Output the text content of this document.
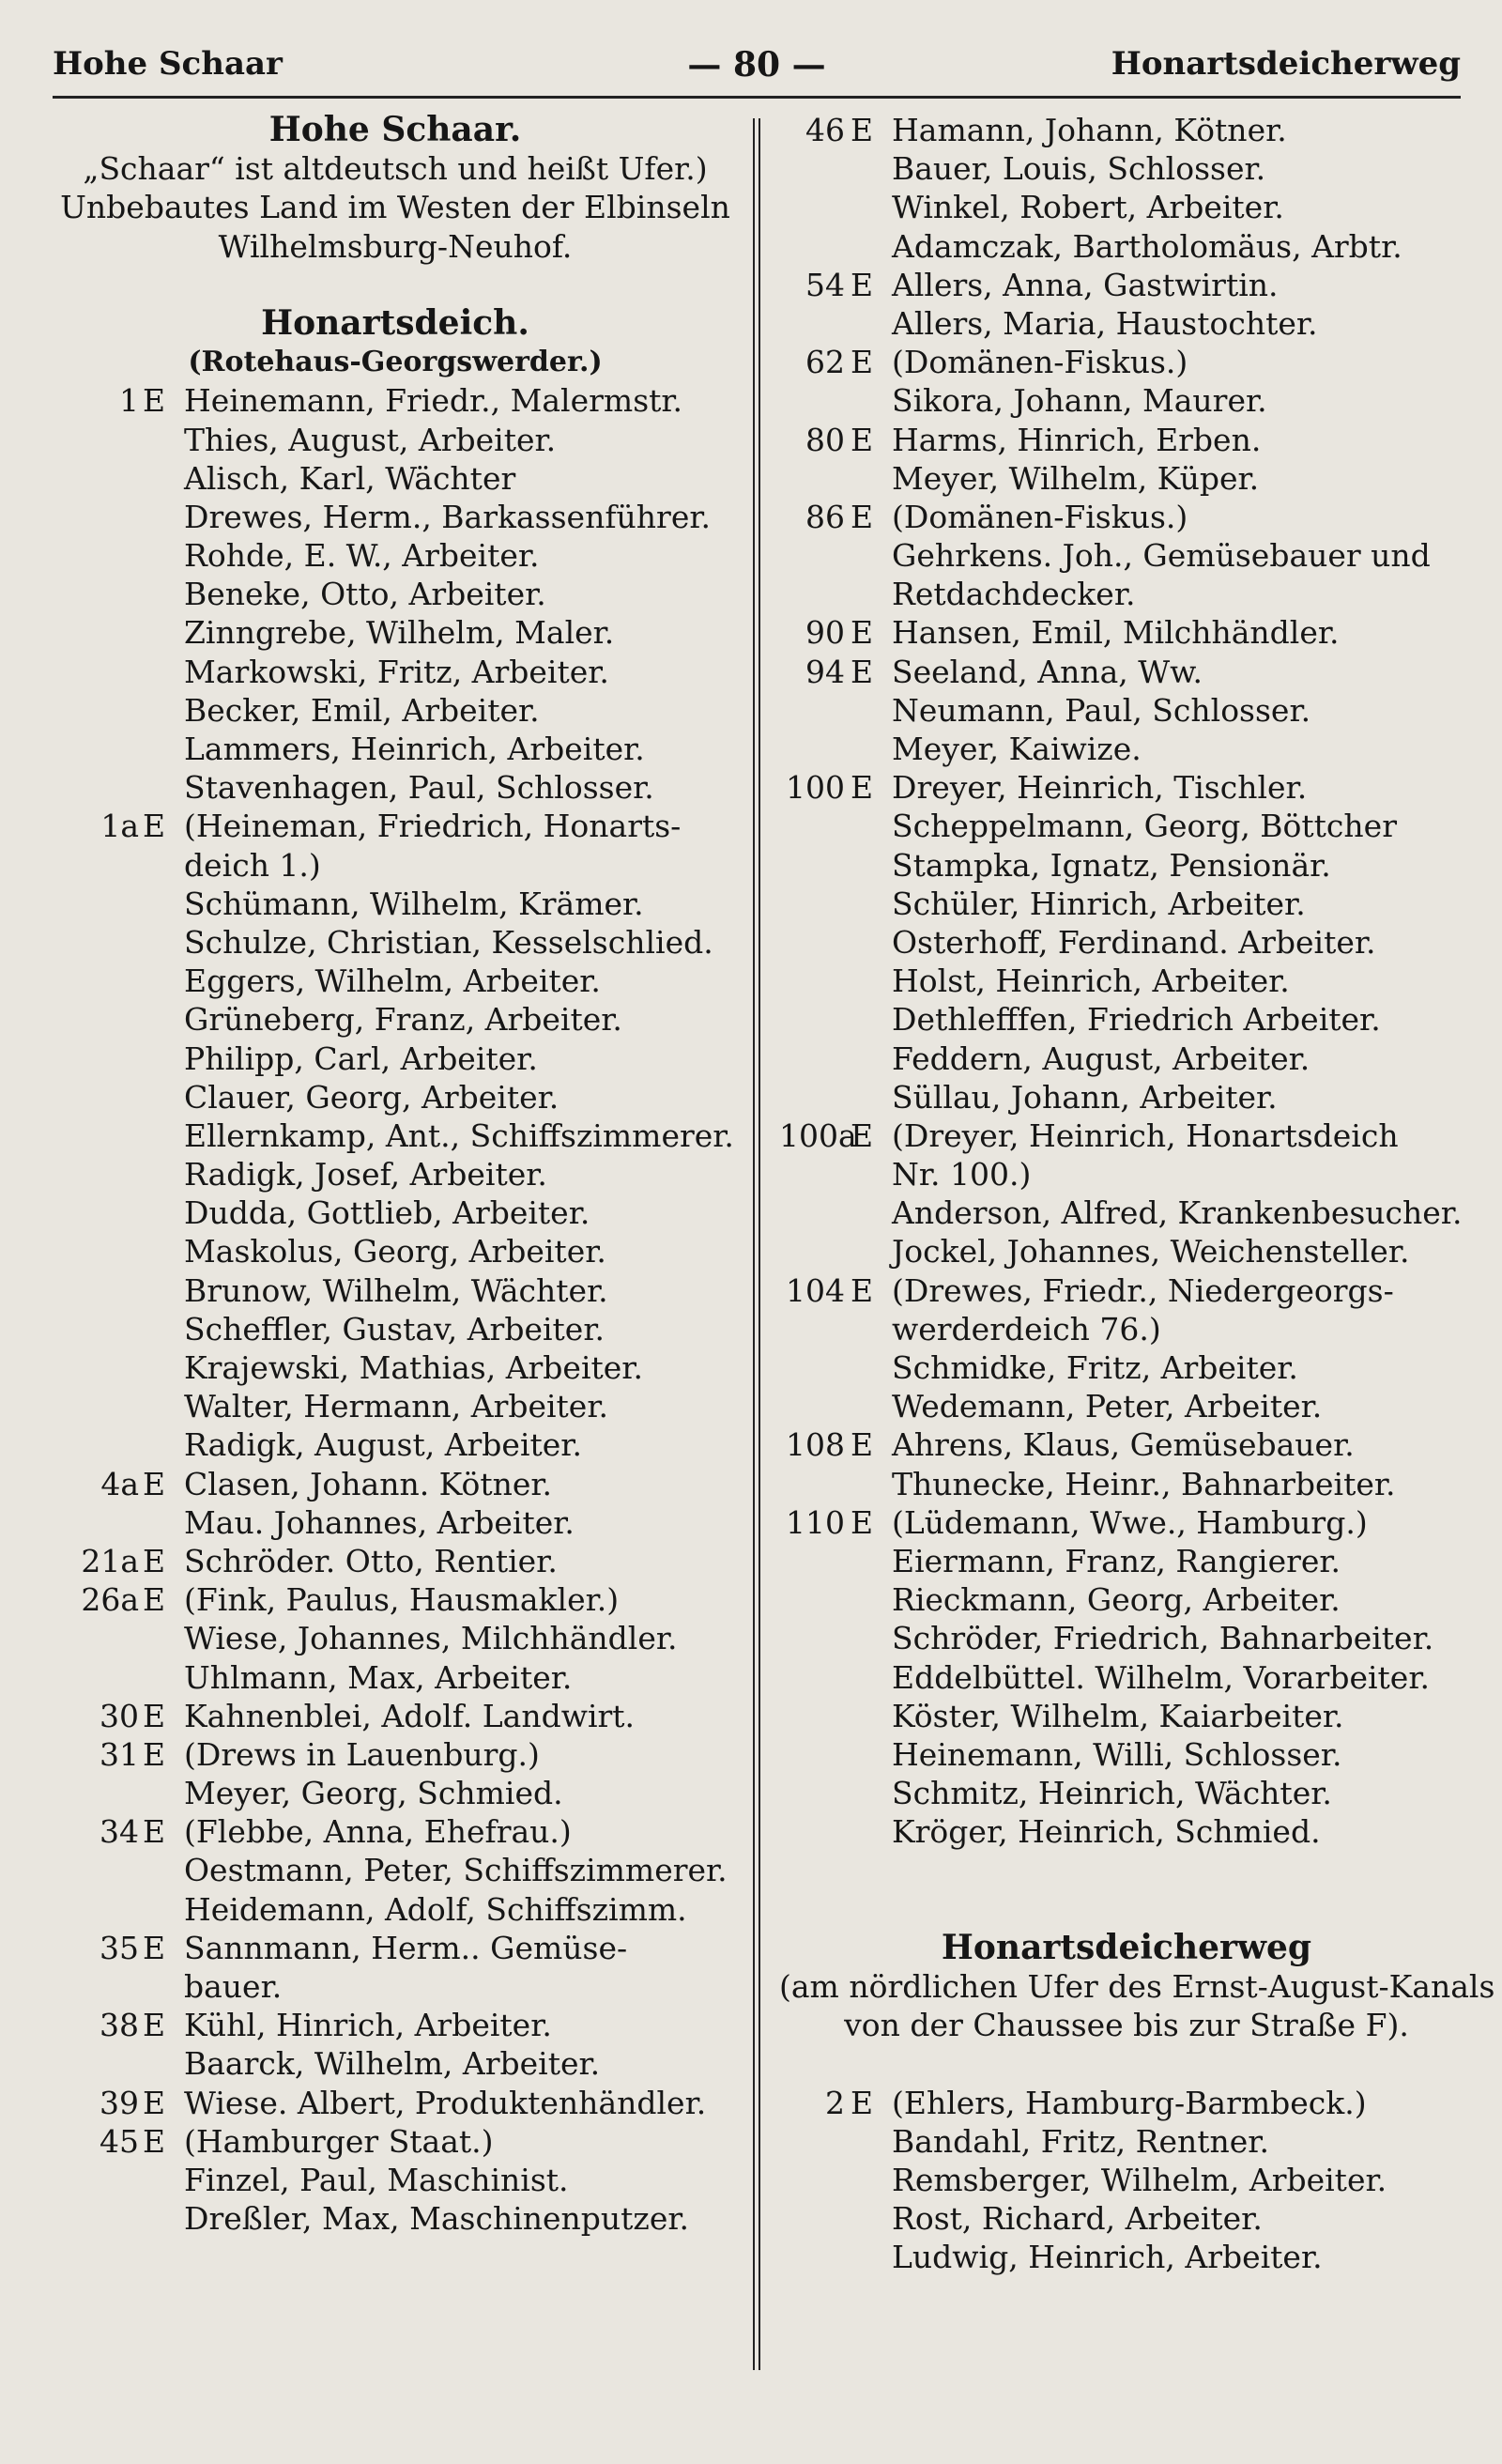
Hohe Schaar	— 80 —	Honartsdeicherweg
Hohe Schaar.
„Schaar“ ist altdeutsch und heißt Ufer.)
Unbebautes Land im Westen der Elbinseln
Wilhelmsburg-Neuhof.
Honartsdeich.
(Rotehaus-Georgswerder.)
1 E Heinemann, Friedr., Malermstr.
Thies, August, Arbeiter.
Alisch, Karl, Wächter
Drewes, Herm., Barkassenführer.
Rohde, E. W., Arbeiter.
Beneke, Otto, Arbeiter.
Zinngrebe, Wilhelm, Maler.
Markowski, Fritz, Arbeiter.
Becker, Emil, Arbeiter.
Lammers, Heinrich, Arbeiter.
Stavenhagen, Paul, Schlosser.
1a E (Heineman, Friedrich, Honarts-
deich 1.)
Schümann, Wilhelm, Krämer.
Schulze, Christian, Kesselschlied.
Eggers, Wilhelm, Arbeiter.
Grüneberg, Franz, Arbeiter.
Philipp, Carl, Arbeiter.
Clauer, Georg, Arbeiter.
Ellernkamp, Ant., Schiffszimmerer.
Radigk, Josef, Arbeiter.
Dudda, Gottlieb, Arbeiter.
Maskolus, Georg, Arbeiter.
Brunow, Wilhelm, Wächter.
Scheffler, Gustav, Arbeiter.
Krajewski, Mathias, Arbeiter.
Walter, Hermann, Arbeiter.
Radigk, August, Arbeiter.
4a E Clasen, Johann. Kötner.
Mau. Johannes, Arbeiter.
21a E Schröder. Otto, Rentier.
26a E (Fink, Paulus, Hausmakler.)
Wiese, Johannes, Milchhändler.
Uhlmann, Max, Arbeiter.
30 E Kahnenblei, Adolf. Landwirt.
31 E (Drews in Lauenburg.)
Meyer, Georg, Schmied.
34 E (Flebbe, Anna, Ehefrau.)
Oestmann, Peter, Schiffszimmerer.
Heidemann, Adolf, Schiffszimm.
35 E Sannmann, Herm.. Gemüse-
bauer.
38 E Kühl, Hinrich, Arbeiter.
Baarck, Wilhelm, Arbeiter.
39 E Wiese. Albert, Produktenhändler.
45 E (Hamburger Staat.)
Finzel, Paul, Maschinist.
Dreßler, Max, Maschinenputzer.
46 E Hamann, Johann, Kötner.
Bauer, Louis, Schlosser.
Winkel, Robert, Arbeiter.
Adamczak, Bartholomäus, Arbtr.
54 E Allers, Anna, Gastwirtin.
Allers, Maria, Haustochter.
62 E (Domänen-Fiskus.)
Sikora, Johann, Maurer.
80 E Harms, Hinrich, Erben.
Meyer, Wilhelm, Küper.
86 E (Domänen-Fiskus.)
Gehrkens. Joh., Gemüsebauer und
Retdachdecker.
90 E Hansen, Emil, Milchhändler.
94 E Seeland, Anna, Ww.
Neumann, Paul, Schlosser.
Meyer, Kaiwize.
100 E Dreyer, Heinrich, Tischler.
Scheppelmann, Georg, Böttcher
Stampka, Ignatz, Pensionär.
Schüler, Hinrich, Arbeiter.
Osterhoff, Ferdinand. Arbeiter.
Holst, Heinrich, Arbeiter.
Dethlefffen, Friedrich Arbeiter.
Feddern, August, Arbeiter.
Süllau, Johann, Arbeiter.
100a
E (Dreyer, Heinrich, Honartsdeich
Nr. 100.)
Anderson, Alfred, Krankenbesucher.
Jockel, Johannes, Weichensteller.
104 E (Drewes, Friedr., Niedergeorgs-
werderdeich 76.)
Schmidke, Fritz, Arbeiter.
Wedemann, Peter, Arbeiter.
108 E Ahrens, Klaus, Gemüsebauer.
Thunecke, Heinr., Bahnarbeiter.
110 E (Lüdemann, Wwe., Hamburg.)
Eiermann, Franz, Rangierer.
Rieckmann, Georg, Arbeiter.
Schröder, Friedrich, Bahnarbeiter.
Eddelbüttel. Wilhelm, Vorarbeiter.
Köster, Wilhelm, Kaiarbeiter.
Heinemann, Willi, Schlosser.
Schmitz, Heinrich, Wächter.
Kröger, Heinrich, Schmied.
Honartsdeicherweg
(am nördlichen Ufer des Ernst-August-Kanals
von der Chaussee bis zur Straße F).
2 E (Ehlers, Hamburg-Barmbeck.)
Bandahl, Fritz, Rentner.
Remsberger, Wilhelm, Arbeiter.
Rost, Richard, Arbeiter.
Ludwig, Heinrich, Arbeiter.
